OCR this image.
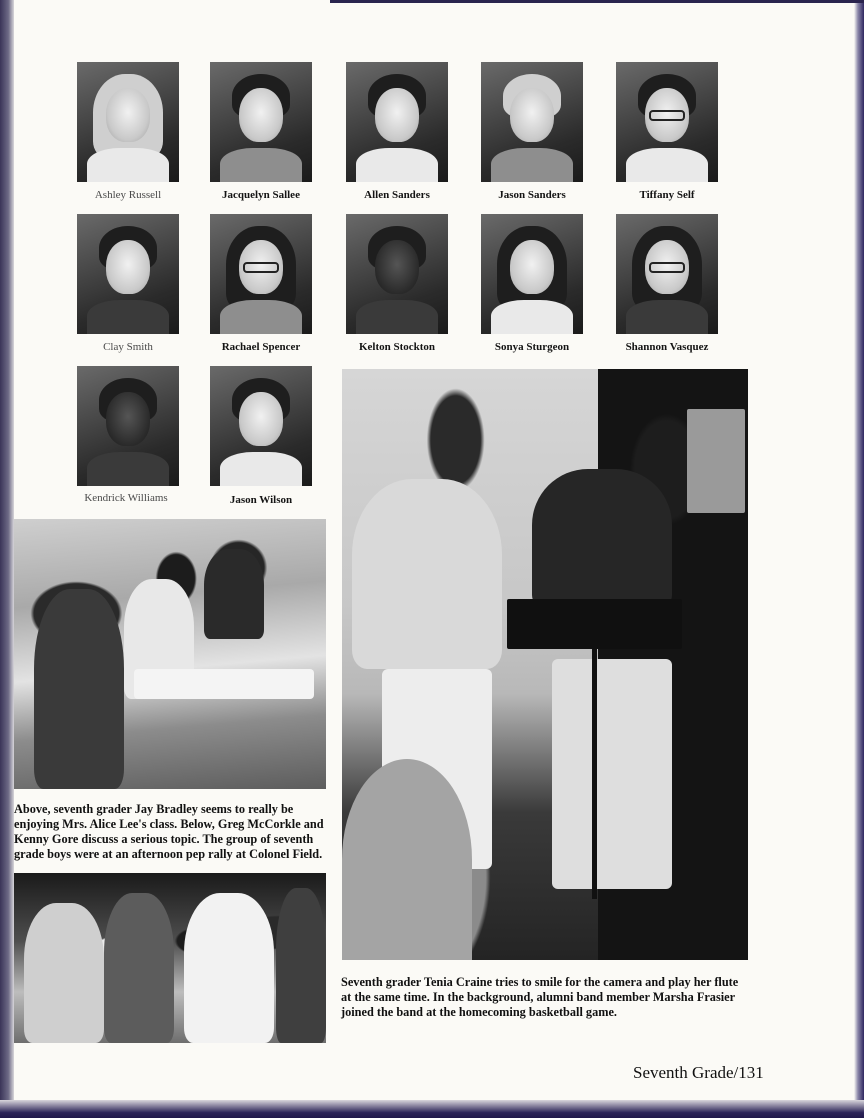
Ashley Russell	Jacquelyn Sallee	Allen Sanders	Jason Sanders	Tiffany Self
Clay Smith	Rachael Spencer	Kelton Stockton	Sonya Sturgeon	Shannon Vasquez
Kendrick Williams	Jason Wilson
Above, seventh grader Jay Bradley seems to really be enjoying Mrs. Alice Lee's class. Below, Greg McCorkle and Kenny Gore discuss a serious topic. The group of seventh grade boys were at an afternoon pep rally at Colonel Field.
Seventh grader Tenia Craine tries to smile for the camera and play her flute at the same time. In the background, alumni band member Marsha Frasier joined the band at the homecoming basketball game.
Seventh Grade/131
